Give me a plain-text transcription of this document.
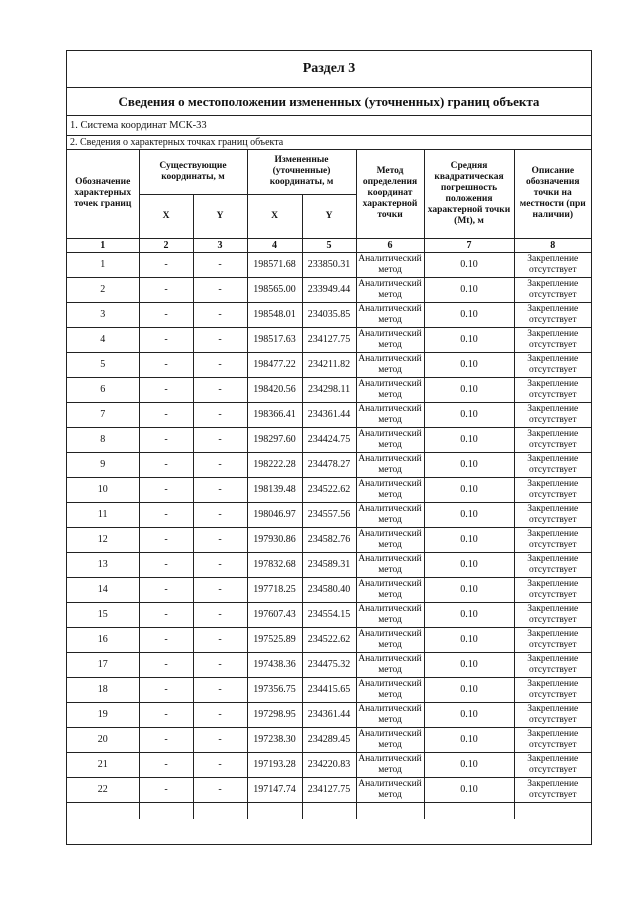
Раздел 3
Сведения о местоположении измененных (уточненных) границ объекта
1. Система координат МСК-33
2. Сведения о характерных точках границ объекта
Обозначение характерных точек границ	Существующие координаты, м		Измененные (уточненные) координаты, м		Метод определения координат характерной точки	Средняя квадратическая погрешность положения характерной точки (Mt), м	Описание обозначения точки на местности (при наличии)
	X	Y	X	Y			
1	2	3	4	5	6	7	8
1	-	-	198571.68	233850.31	Аналитический метод	0.10	Закрепление отсутствует
2	-	-	198565.00	233949.44	Аналитический метод	0.10	Закрепление отсутствует
3	-	-	198548.01	234035.85	Аналитический метод	0.10	Закрепление отсутствует
4	-	-	198517.63	234127.75	Аналитический метод	0.10	Закрепление отсутствует
5	-	-	198477.22	234211.82	Аналитический метод	0.10	Закрепление отсутствует
6	-	-	198420.56	234298.11	Аналитический метод	0.10	Закрепление отсутствует
7	-	-	198366.41	234361.44	Аналитический метод	0.10	Закрепление отсутствует
8	-	-	198297.60	234424.75	Аналитический метод	0.10	Закрепление отсутствует
9	-	-	198222.28	234478.27	Аналитический метод	0.10	Закрепление отсутствует
10	-	-	198139.48	234522.62	Аналитический метод	0.10	Закрепление отсутствует
11	-	-	198046.97	234557.56	Аналитический метод	0.10	Закрепление отсутствует
12	-	-	197930.86	234582.76	Аналитический метод	0.10	Закрепление отсутствует
13	-	-	197832.68	234589.31	Аналитический метод	0.10	Закрепление отсутствует
14	-	-	197718.25	234580.40	Аналитический метод	0.10	Закрепление отсутствует
15	-	-	197607.43	234554.15	Аналитический метод	0.10	Закрепление отсутствует
16	-	-	197525.89	234522.62	Аналитический метод	0.10	Закрепление отсутствует
17	-	-	197438.36	234475.32	Аналитический метод	0.10	Закрепление отсутствует
18	-	-	197356.75	234415.65	Аналитический метод	0.10	Закрепление отсутствует
19	-	-	197298.95	234361.44	Аналитический метод	0.10	Закрепление отсутствует
20	-	-	197238.30	234289.45	Аналитический метод	0.10	Закрепление отсутствует
21	-	-	197193.28	234220.83	Аналитический метод	0.10	Закрепление отсутствует
22	-	-	197147.74	234127.75	Аналитический метод	0.10	Закрепление отсутствует
